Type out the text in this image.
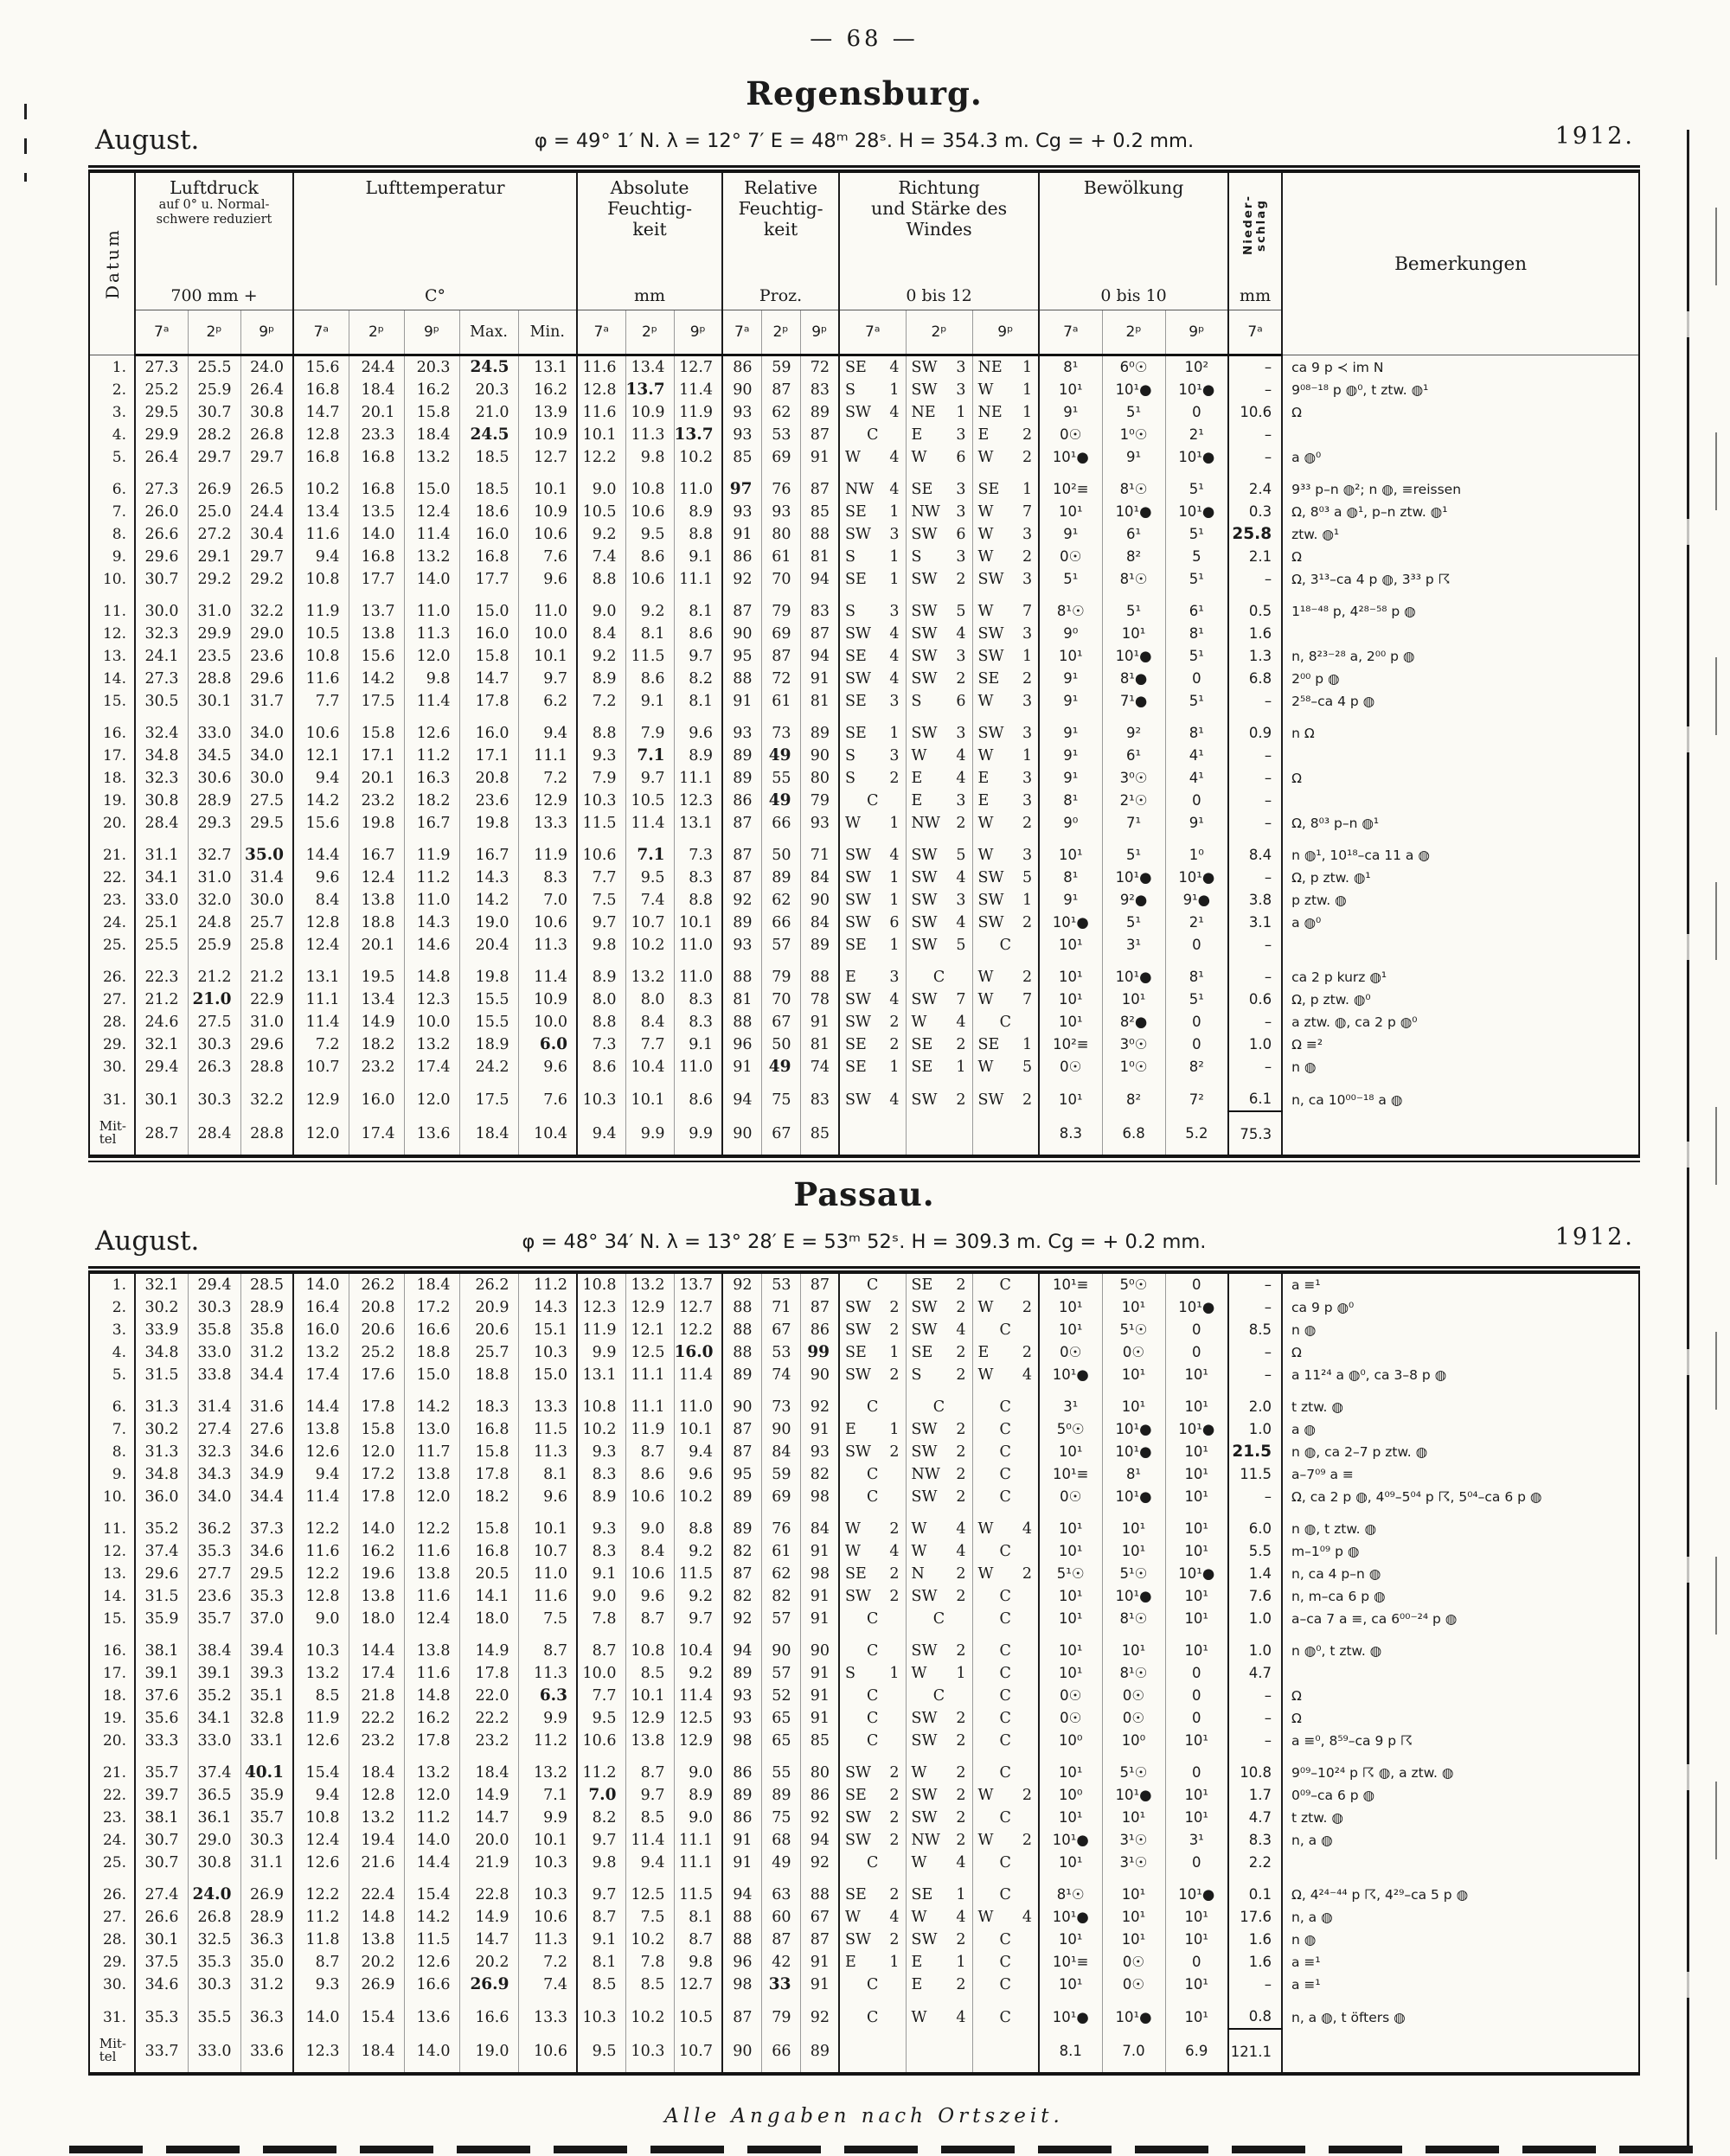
— 68 —
Regensburg.
August.	φ = 49° 1′ N. λ = 12° 7′ E = 48ᵐ 28ˢ. H = 354.3 m. Cg = + 0.2 mm.	1912.
Datum

Luftdruck
auf 0° u. Normal-
schwere reduziert
700 mm +

Lufttemperatur
C°

Absolute
Feuchtig-
keit
mm

Relative
Feuchtig-
keit
Proz.

Richtung
und Stärke des
Windes
0 bis 12

Bewölkung
0 bis 10

Nieder-schlag
mm
	Bemerkungen
	7ᵃ	2ᵖ	9ᵖ	7ᵃ	2ᵖ	9ᵖ	Max.	Min.	7ᵃ	2ᵖ	9ᵖ	7ᵃ	2ᵖ	9ᵖ	7ᵃ	2ᵖ	9ᵖ	7ᵃ	2ᵖ	9ᵖ	7ᵃ	
1.	27.3	25.5	24.0	15.6	24.4	20.3	24.5	13.1	11.6	13.4	12.7	86	59	72	SE 4	SW 3	NE 1	8¹	6⁰☉	10²	–	ca 9 p ≺ im N
2.	25.2	25.9	26.4	16.8	18.4	16.2	20.3	16.2	12.8	13.7	11.4	90	87	83	S 1	SW 3	W 1	10¹	10¹●	10¹●	–	9⁰⁸⁻¹⁸ p ◍⁰, t ztw. ◍¹
3.	29.5	30.7	30.8	14.7	20.1	15.8	21.0	13.9	11.6	10.9	11.9	93	62	89	SW 4	NE 1	NE 1	9¹	5¹	0	10.6	Ω
4.	29.9	28.2	26.8	12.8	23.3	18.4	24.5	10.9	10.1	11.3	13.7	93	53	87	C	E 3	E 2	0☉	1⁰☉	2¹	–	
5.	26.4	29.7	29.7	16.8	16.8	13.2	18.5	12.7	12.2	9.8	10.2	85	69	91	W 4	W 6	W 2	10¹●	9¹	10¹●	–	a ◍⁰
6.	27.3	26.9	26.5	10.2	16.8	15.0	18.5	10.1	9.0	10.8	11.0	97	76	87	NW 4	SE 3	SE 1	10²≡	8¹☉	5¹	2.4	9³³ p–n ◍²; n ◍, ≡reissen
7.	26.0	25.0	24.4	13.4	13.5	12.4	18.6	10.9	10.5	10.6	8.9	93	93	85	SE 1	NW 3	W 7	10¹	10¹●	10¹●	0.3	Ω, 8⁰³ a ◍¹, p–n ztw. ◍¹
8.	26.6	27.2	30.4	11.6	14.0	11.4	16.0	10.6	9.2	9.5	8.8	91	80	88	SW 3	SW 6	W 3	9¹	6¹	5¹	25.8	ztw. ◍¹
9.	29.6	29.1	29.7	9.4	16.8	13.2	16.8	7.6	7.4	8.6	9.1	86	61	81	S 1	S 3	W 2	0☉	8²	5	2.1	Ω
10.	30.7	29.2	29.2	10.8	17.7	14.0	17.7	9.6	8.8	10.6	11.1	92	70	94	SE 1	SW 2	SW 3	5¹	8¹☉	5¹	–	Ω, 3¹³–ca 4 p ◍, 3³³ p ☈
11.	30.0	31.0	32.2	11.9	13.7	11.0	15.0	11.0	9.0	9.2	8.1	87	79	83	S 3	SW 5	W 7	8¹☉	5¹	6¹	0.5	1¹⁸⁻⁴⁸ p, 4²⁸⁻⁵⁸ p ◍
12.	32.3	29.9	29.0	10.5	13.8	11.3	16.0	10.0	8.4	8.1	8.6	90	69	87	SW 4	SW 4	SW 3	9⁰	10¹	8¹	1.6	
13.	24.1	23.5	23.6	10.8	15.6	12.0	15.8	10.1	9.2	11.5	9.7	95	87	94	SE 4	SW 3	SW 1	10¹	10¹●	5¹	1.3	n, 8²³⁻²⁸ a, 2⁰⁰ p ◍
14.	27.3	28.8	29.6	11.6	14.2	9.8	14.7	9.7	8.9	8.6	8.2	88	72	91	SW 4	SW 2	SE 2	9¹	8¹●	0	6.8	2⁰⁰ p ◍
15.	30.5	30.1	31.7	7.7	17.5	11.4	17.8	6.2	7.2	9.1	8.1	91	61	81	SE 3	S 6	W 3	9¹	7¹●	5¹	–	2⁵⁸–ca 4 p ◍
16.	32.4	33.0	34.0	10.6	15.8	12.6	16.0	9.4	8.8	7.9	9.6	93	73	89	SE 1	SW 3	SW 3	9¹	9²	8¹	0.9	n Ω
17.	34.8	34.5	34.0	12.1	17.1	11.2	17.1	11.1	9.3	7.1	8.9	89	49	90	S 3	W 4	W 1	9¹	6¹	4¹	–	
18.	32.3	30.6	30.0	9.4	20.1	16.3	20.8	7.2	7.9	9.7	11.1	89	55	80	S 2	E 4	E 3	9¹	3⁰☉	4¹	–	Ω
19.	30.8	28.9	27.5	14.2	23.2	18.2	23.6	12.9	10.3	10.5	12.3	86	49	79	C	E 3	E 3	8¹	2¹☉	0	–	
20.	28.4	29.3	29.5	15.6	19.8	16.7	19.8	13.3	11.5	11.4	13.1	87	66	93	W 1	NW 2	W 2	9⁰	7¹	9¹	–	Ω, 8⁰³ p–n ◍¹
21.	31.1	32.7	35.0	14.4	16.7	11.9	16.7	11.9	10.6	7.1	7.3	87	50	71	SW 4	SW 5	W 3	10¹	5¹	1⁰	8.4	n ◍¹, 10¹⁸–ca 11 a ◍
22.	34.1	31.0	31.4	9.6	12.4	11.2	14.3	8.3	7.7	9.5	8.3	87	89	84	SW 1	SW 4	SW 5	8¹	10¹●	10¹●	–	Ω, p ztw. ◍¹
23.	33.0	32.0	30.0	8.4	13.8	11.0	14.2	7.0	7.5	7.4	8.8	92	62	90	SW 1	SW 3	SW 1	9¹	9²●	9¹●	3.8	p ztw. ◍
24.	25.1	24.8	25.7	12.8	18.8	14.3	19.0	10.6	9.7	10.7	10.1	89	66	84	SW 6	SW 4	SW 2	10¹●	5¹	2¹	3.1	a ◍⁰
25.	25.5	25.9	25.8	12.4	20.1	14.6	20.4	11.3	9.8	10.2	11.0	93	57	89	SE 1	SW 5	C	10¹	3¹	0	–	
26.	22.3	21.2	21.2	13.1	19.5	14.8	19.8	11.4	8.9	13.2	11.0	88	79	88	E 3	C	W 2	10¹	10¹●	8¹	–	ca 2 p kurz ◍¹
27.	21.2	21.0	22.9	11.1	13.4	12.3	15.5	10.9	8.0	8.0	8.3	81	70	78	SW 4	SW 7	W 7	10¹	10¹	5¹	0.6	Ω, p ztw. ◍⁰
28.	24.6	27.5	31.0	11.4	14.9	10.0	15.5	10.0	8.8	8.4	8.3	88	67	91	SW 2	W 4	C	10¹	8²●	0	–	a ztw. ◍, ca 2 p ◍⁰
29.	32.1	30.3	29.6	7.2	18.2	13.2	18.9	6.0	7.3	7.7	9.1	96	50	81	SE 2	SE 2	SE 1	10²≡	3⁰☉	0	1.0	Ω ≡²
30.	29.4	26.3	28.8	10.7	23.2	17.4	24.2	9.6	8.6	10.4	11.0	91	49	74	SE 1	SE 1	W 5	0☉	1⁰☉	8²	–	n ◍
31.	30.1	30.3	32.2	12.9	16.0	12.0	17.5	7.6	10.3	10.1	8.6	94	75	83	SW 4	SW 2	SW 2	10¹	8²	7²	6.1	n, ca 10⁰⁰⁻¹⁸ a ◍
Mit-
tel	28.7	28.4	28.8	12.0	17.4	13.6	18.4	10.4	9.4	9.9	9.9	90	67	85				8.3	6.8	5.2	75.3	
Passau.
August.	φ = 48° 34′ N. λ = 13° 28′ E = 53ᵐ 52ˢ. H = 309.3 m. Cg = + 0.2 mm.	1912.
1.	32.1	29.4	28.5	14.0	26.2	18.4	26.2	11.2	10.8	13.2	13.7	92	53	87	C	SE 2	C	10¹≡	5⁰☉	0	–	a ≡¹
2.	30.2	30.3	28.9	16.4	20.8	17.2	20.9	14.3	12.3	12.9	12.7	88	71	87	SW 2	SW 2	W 2	10¹	10¹	10¹●	–	ca 9 p ◍⁰
3.	33.9	35.8	35.8	16.0	20.6	16.6	20.6	15.1	11.9	12.1	12.2	88	67	86	SW 2	SW 4	C	10¹	5¹☉	0	8.5	n ◍
4.	34.8	33.0	31.2	13.2	25.2	18.8	25.7	10.3	9.9	12.5	16.0	88	53	99	SE 1	SE 2	E 2	0☉	0☉	0	–	Ω
5.	31.5	33.8	34.4	17.4	17.6	15.0	18.8	15.0	13.1	11.1	11.4	89	74	90	SW 2	S 2	W 4	10¹●	10¹	10¹	–	a 11²⁴ a ◍⁰, ca 3–8 p ◍
6.	31.3	31.4	31.6	14.4	17.8	14.2	18.3	13.3	10.8	11.1	11.0	90	73	92	C	C	C	3¹	10¹	10¹	2.0	t ztw. ◍
7.	30.2	27.4	27.6	13.8	15.8	13.0	16.8	11.5	10.2	11.9	10.1	87	90	91	E 1	SW 2	C	5⁰☉	10¹●	10¹●	1.0	a ◍
8.	31.3	32.3	34.6	12.6	12.0	11.7	15.8	11.3	9.3	8.7	9.4	87	84	93	SW 2	SW 2	C	10¹	10¹●	10¹	21.5	n ◍, ca 2–7 p ztw. ◍
9.	34.8	34.3	34.9	9.4	17.2	13.8	17.8	8.1	8.3	8.6	9.6	95	59	82	C	NW 2	C	10¹≡	8¹	10¹	11.5	a–7⁰⁹ a ≡
10.	36.0	34.0	34.4	11.4	17.8	12.0	18.2	9.6	8.9	10.6	10.2	89	69	98	C	SW 2	C	0☉	10¹●	10¹	–	Ω, ca 2 p ◍, 4⁰⁹–5⁰⁴ p ☈, 5⁰⁴–ca 6 p ◍
11.	35.2	36.2	37.3	12.2	14.0	12.2	15.8	10.1	9.3	9.0	8.8	89	76	84	W 2	W 4	W 4	10¹	10¹	10¹	6.0	n ◍, t ztw. ◍
12.	37.4	35.3	34.6	11.6	16.2	11.6	16.8	10.7	8.3	8.4	9.2	82	61	91	W 4	W 4	C	10¹	10¹	10¹	5.5	m–1⁰⁹ p ◍
13.	29.6	27.7	29.5	12.2	19.6	13.8	20.5	11.0	9.1	10.6	11.5	87	62	98	SE 2	N 2	W 2	5¹☉	5¹☉	10¹●	1.4	n, ca 4 p–n ◍
14.	31.5	23.6	35.3	12.8	13.8	11.6	14.1	11.6	9.0	9.6	9.2	82	82	91	SW 2	SW 2	C	10¹	10¹●	10¹	7.6	n, m–ca 6 p ◍
15.	35.9	35.7	37.0	9.0	18.0	12.4	18.0	7.5	7.8	8.7	9.7	92	57	91	C	C	C	10¹	8¹☉	10¹	1.0	a–ca 7 a ≡, ca 6⁰⁰⁻²⁴ p ◍
16.	38.1	38.4	39.4	10.3	14.4	13.8	14.9	8.7	8.7	10.8	10.4	94	90	90	C	SW 2	C	10¹	10¹	10¹	1.0	n ◍⁰, t ztw. ◍
17.	39.1	39.1	39.3	13.2	17.4	11.6	17.8	11.3	10.0	8.5	9.2	89	57	91	S 1	W 1	C	10¹	8¹☉	0	4.7	
18.	37.6	35.2	35.1	8.5	21.8	14.8	22.0	6.3	7.7	10.1	11.4	93	52	91	C	C	C	0☉	0☉	0	–	Ω
19.	35.6	34.1	32.8	11.9	22.2	16.2	22.2	9.9	9.5	12.9	12.5	93	65	91	C	SW 2	C	0☉	0☉	0	–	Ω
20.	33.3	33.0	33.1	12.6	23.2	17.8	23.2	11.2	10.6	13.8	12.9	98	65	85	C	SW 2	C	10⁰	10⁰	10¹	–	a ≡⁰, 8⁵⁹–ca 9 p ☈
21.	35.7	37.4	40.1	15.4	18.4	13.2	18.4	13.2	11.2	8.7	9.0	86	55	80	SW 2	W 2	C	10¹	5¹☉	0	10.8	9⁰⁹–10²⁴ p ☈ ◍, a ztw. ◍
22.	39.7	36.5	35.9	9.4	12.8	12.0	14.9	7.1	7.0	9.7	8.9	89	89	86	SE 2	SW 2	W 2	10⁰	10¹●	10¹	1.7	0⁰⁹–ca 6 p ◍
23.	38.1	36.1	35.7	10.8	13.2	11.2	14.7	9.9	8.2	8.5	9.0	86	75	92	SW 2	SW 2	C	10¹	10¹	10¹	4.7	t ztw. ◍
24.	30.7	29.0	30.3	12.4	19.4	14.0	20.0	10.1	9.7	11.4	11.1	91	68	94	SW 2	NW 2	W 2	10¹●	3¹☉	3¹	8.3	n, a ◍
25.	30.7	30.8	31.1	12.6	21.6	14.4	21.9	10.3	9.8	9.4	11.1	91	49	92	C	W 4	C	10¹	3¹☉	0	2.2	
26.	27.4	24.0	26.9	12.2	22.4	15.4	22.8	10.3	9.7	12.5	11.5	94	63	88	SE 2	SE 1	C	8¹☉	10¹	10¹●	0.1	Ω, 4²⁴⁻⁴⁴ p ☈, 4²⁹–ca 5 p ◍
27.	26.6	26.8	28.9	11.2	14.8	14.2	14.9	10.6	8.7	7.5	8.1	88	60	67	W 4	W 4	W 4	10¹●	10¹	10¹	17.6	n, a ◍
28.	30.1	32.5	36.3	11.8	13.8	11.5	14.7	11.3	9.1	10.2	8.7	88	87	87	SW 2	SW 2	C	10¹	10¹	10¹	1.6	n ◍
29.	37.5	35.3	35.0	8.7	20.2	12.6	20.2	7.2	8.1	7.8	9.8	96	42	91	E 1	E 1	C	10¹≡	0☉	0	1.6	a ≡¹
30.	34.6	30.3	31.2	9.3	26.9	16.6	26.9	7.4	8.5	8.5	12.7	98	33	91	C	E 2	C	10¹	0☉	10¹	–	a ≡¹
31.	35.3	35.5	36.3	14.0	15.4	13.6	16.6	13.3	10.3	10.2	10.5	87	79	92	C	W 4	C	10¹●	10¹●	10¹	0.8	n, a ◍, t öfters ◍
Mit-
tel	33.7	33.0	33.6	12.3	18.4	14.0	19.0	10.6	9.5	10.3	10.7	90	66	89				8.1	7.0	6.9	121.1	
Alle Angaben nach Ortszeit.
